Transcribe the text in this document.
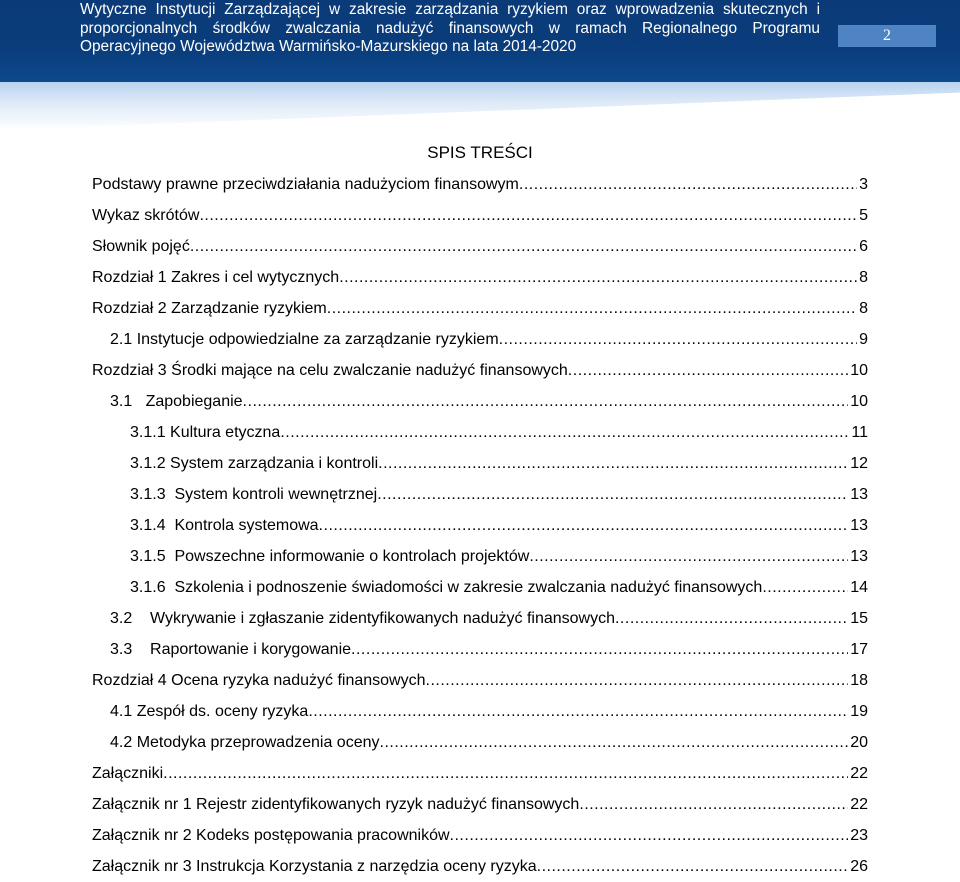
Wytyczne Instytucji Zarządzającej w zakresie zarządzania ryzykiem oraz wprowadzenia skutecznych i proporcjonalnych środków zwalczania nadużyć finansowych w ramach Regionalnego Programu Operacyjnego Województwa Warmińsko-Mazurskiego na lata 2014-2020
2
SPIS TREŚCI
Podstawy prawne przeciwdziałania nadużyciom finansowym .....	3
Wykaz skrótów .....	5
Słownik pojęć .....	6
Rozdział 1 Zakres i cel wytycznych .....	8
Rozdział 2 Zarządzanie ryzykiem .....	8
2.1 Instytucje odpowiedzialne za zarządzanie ryzykiem .....	9
Rozdział 3 Środki mające na celu zwalczanie nadużyć finansowych .....	10
3.1   Zapobieganie .....	10
3.1.1 Kultura etyczna .....	11
3.1.2 System zarządzania i kontroli .....	12
3.1.3  System kontroli wewnętrznej .....	13
3.1.4  Kontrola systemowa .....	13
3.1.5  Powszechne informowanie o kontrolach projektów .....	13
3.1.6  Szkolenia i podnoszenie świadomości w zakresie zwalczania nadużyć finansowych .....	14
3.2    Wykrywanie i zgłaszanie zidentyfikowanych nadużyć finansowych .....	15
3.3    Raportowanie i korygowanie .....	17
Rozdział 4 Ocena ryzyka nadużyć finansowych .....	18
4.1 Zespół ds. oceny ryzyka .....	19
4.2 Metodyka przeprowadzenia oceny .....	20
Załączniki .....	22
Załącznik nr 1 Rejestr zidentyfikowanych ryzyk nadużyć finansowych .....	22
Załącznik nr 2 Kodeks postępowania pracowników .....	23
Załącznik nr 3 Instrukcja Korzystania z narzędzia oceny ryzyka .....	26
